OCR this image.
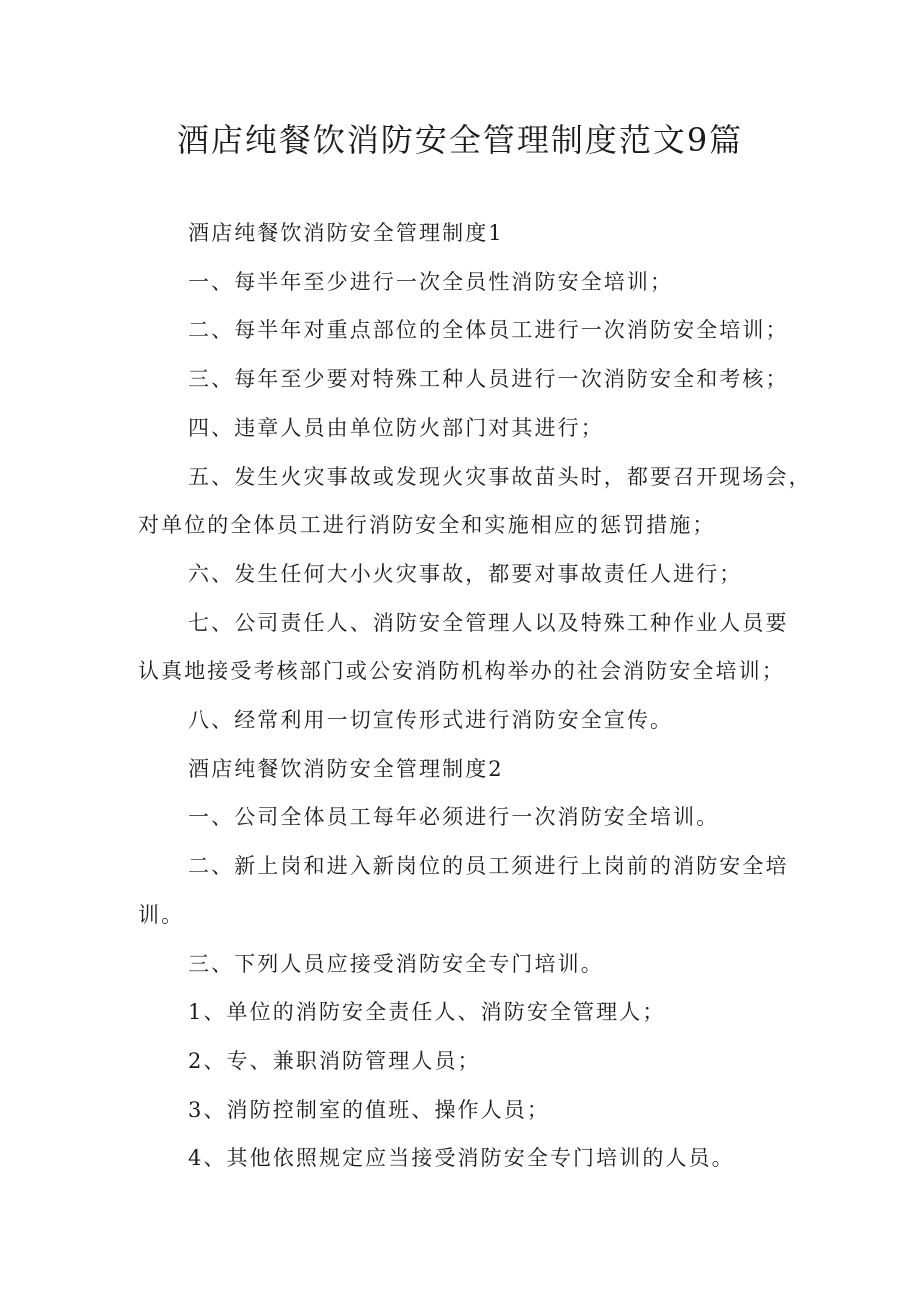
酒店纯餐饮消防安全管理制度范文9篇

酒店纯餐饮消防安全管理制度1

一、每半年至少进行一次全员性消防安全培训；

二、每半年对重点部位的全体员工进行一次消防安全培训；

三、每年至少要对特殊工种人员进行一次消防安全和考核；

四、违章人员由单位防火部门对其进行；

五、发生火灾事故或发现火灾事故苗头时，都要召开现场会，

对单位的全体员工进行消防安全和实施相应的惩罚措施；

六、发生任何大小火灾事故，都要对事故责任人进行；

七、公司责任人、消防安全管理人以及特殊工种作业人员要

认真地接受考核部门或公安消防机构举办的社会消防安全培训；

八、经常利用一切宣传形式进行消防安全宣传。

酒店纯餐饮消防安全管理制度2

一、公司全体员工每年必须进行一次消防安全培训。

二、新上岗和进入新岗位的员工须进行上岗前的消防安全培

训。

三、下列人员应接受消防安全专门培训。

1、单位的消防安全责任人、消防安全管理人；

2、专、兼职消防管理人员；

3、消防控制室的值班、操作人员；

4、其他依照规定应当接受消防安全专门培训的人员。
